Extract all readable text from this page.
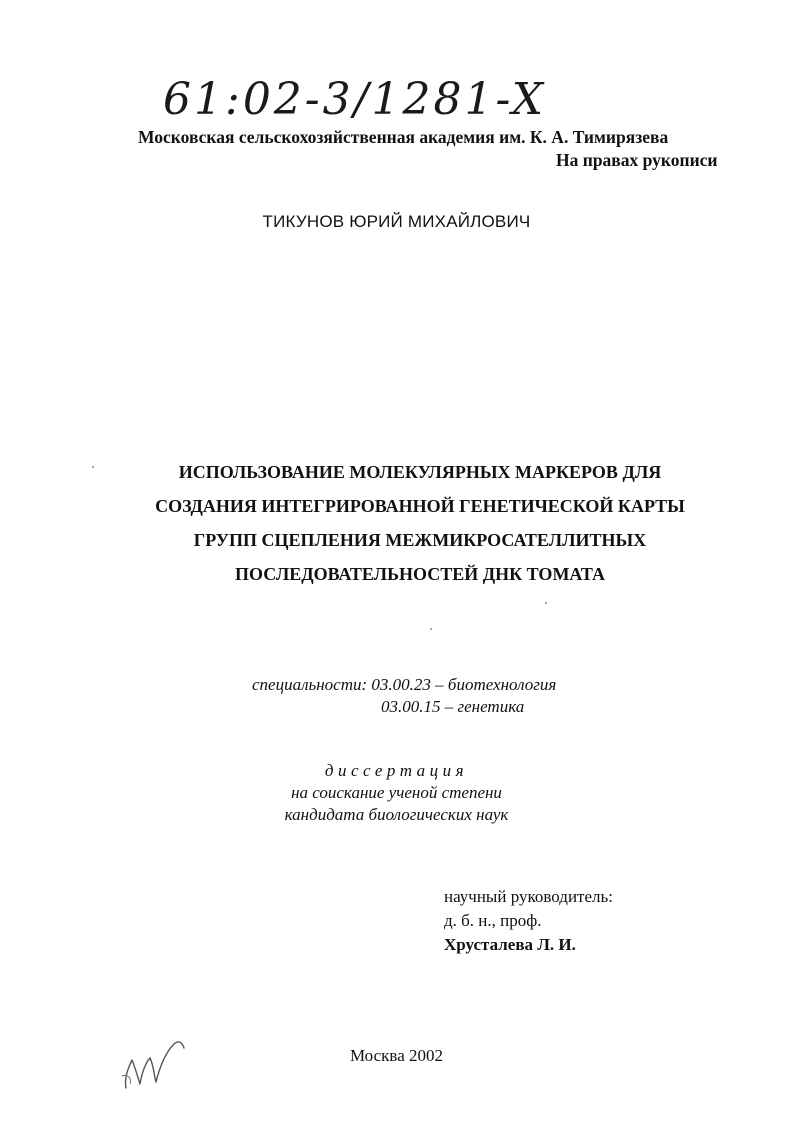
61:02-3/1281-X
Московская сельскохозяйственная академия им. К. А. Тимирязева
На правах рукописи
ТИКУНОВ ЮРИЙ МИХАЙЛОВИЧ
ИСПОЛЬЗОВАНИЕ МОЛЕКУЛЯРНЫХ МАРКЕРОВ ДЛЯ
СОЗДАНИЯ ИНТЕГРИРОВАННОЙ ГЕНЕТИЧЕСКОЙ КАРТЫ
ГРУПП СЦЕПЛЕНИЯ МЕЖМИКРОСАТЕЛЛИТНЫХ
ПОСЛЕДОВАТЕЛЬНОСТЕЙ ДНК ТОМАТА
специальности: 03.00.23 – биотехнология
03.00.15 – генетика
диссертация
на соискание ученой степени
кандидата биологических наук
научный руководитель:
д. б. н., проф.
Хрусталева Л. И.
Москва 2002
